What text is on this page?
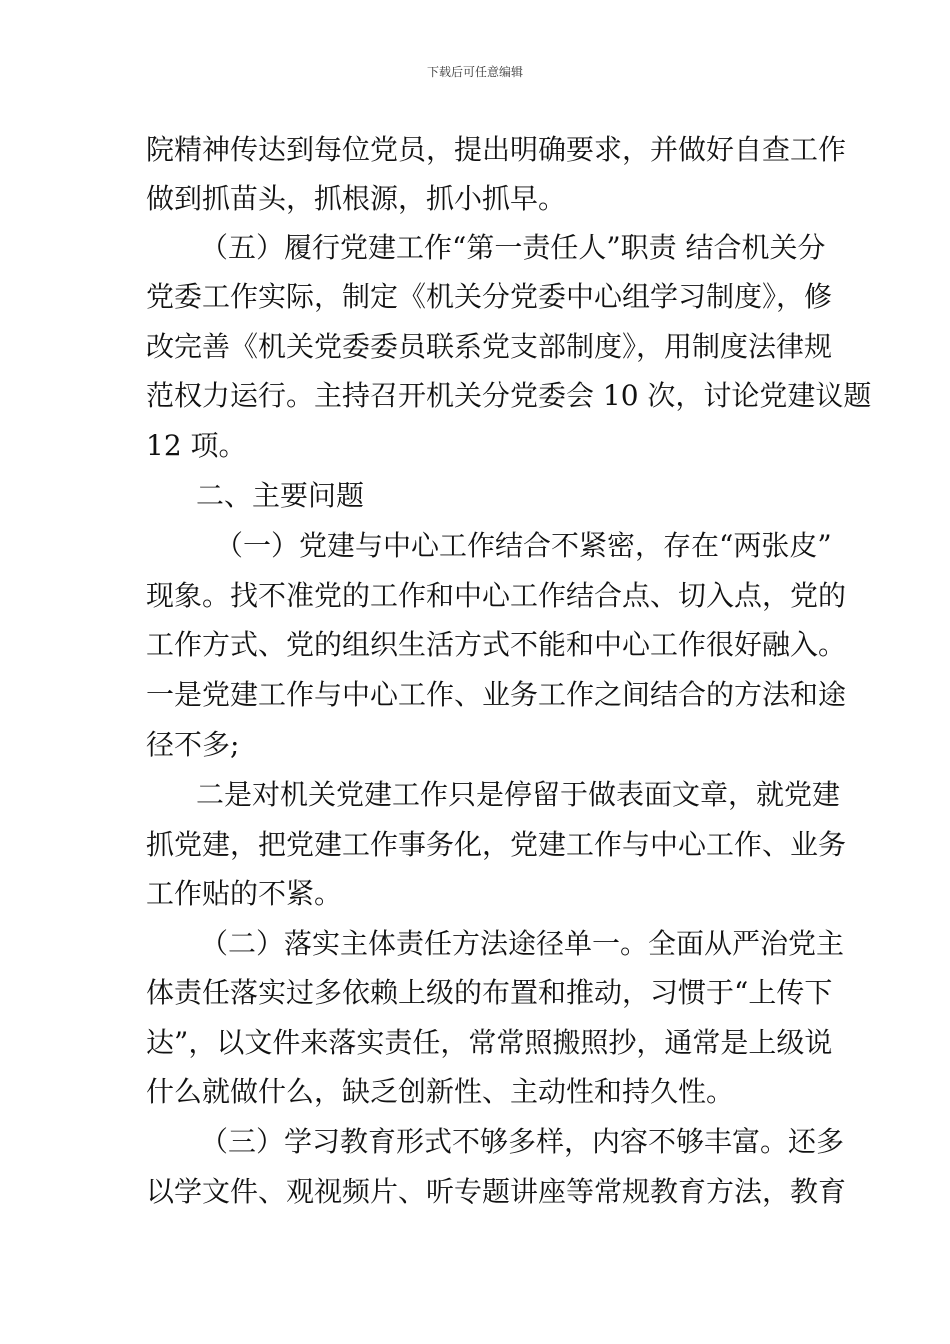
下载后可任意编辑
院精神传达到每位党员，提出明确要求，并做好自查工作
做到抓苗头，抓根源，抓小抓早。
（五）履行党建工作“第一责任人”职责 结合机关分
党委工作实际，制定《机关分党委中心组学习制度》，修
改完善《机关党委委员联系党支部制度》，用制度法律规
范权力运行。主持召开机关分党委会 10 次，讨论党建议题
12 项。
二、主要问题
（一）党建与中心工作结合不紧密，存在“两张皮”
现象。找不准党的工作和中心工作结合点、切入点，党的
工作方式、党的组织生活方式不能和中心工作很好融入。
一是党建工作与中心工作、业务工作之间结合的方法和途
径不多;
二是对机关党建工作只是停留于做表面文章，就党建
抓党建，把党建工作事务化，党建工作与中心工作、业务
工作贴的不紧。
（二）落实主体责任方法途径单一。全面从严治党主
体责任落实过多依赖上级的布置和推动，习惯于“上传下
达”，以文件来落实责任，常常照搬照抄，通常是上级说
什么就做什么，缺乏创新性、主动性和持久性。
（三）学习教育形式不够多样，内容不够丰富。还多
以学文件、观视频片、听专题讲座等常规教育方法，教育
